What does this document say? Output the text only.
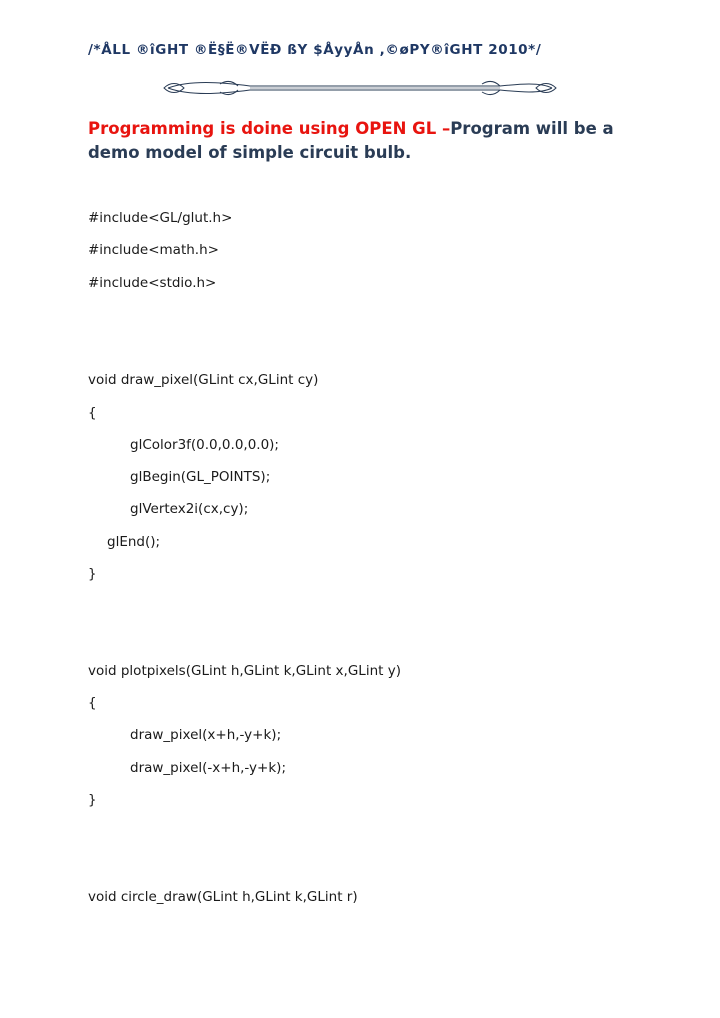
/*ÅLL ®îGHT ®Ë§Ë®VËÐ ßY $ÅyyÅn ,©øPY®îGHT 2010*/
Programming is doine using OPEN GL –Program will be a demo model of simple circuit bulb.
#include<GL/glut.h>
#include<math.h>
#include<stdio.h>
void draw_pixel(GLint cx,GLint cy)
{
glColor3f(0.0,0.0,0.0);
glBegin(GL_POINTS);
glVertex2i(cx,cy);
glEnd();
}
void plotpixels(GLint h,GLint k,GLint x,GLint y)
{
draw_pixel(x+h,-y+k);
draw_pixel(-x+h,-y+k);
}
void circle_draw(GLint h,GLint k,GLint r)
